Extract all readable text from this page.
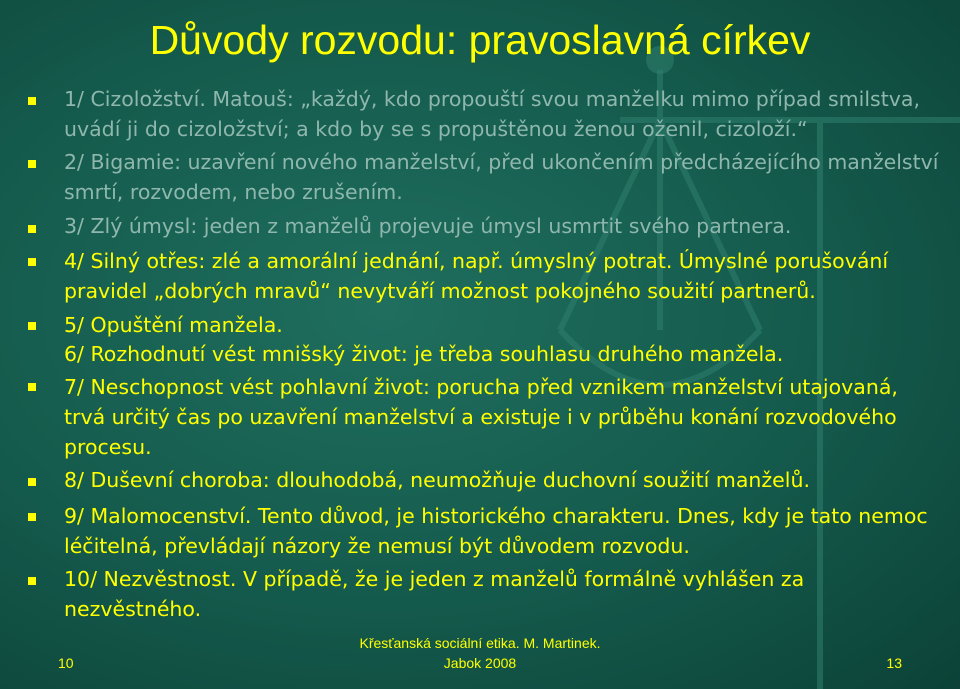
Důvody rozvodu: pravoslavná církev
1/ Cizoložství. Matouš: „každý, kdo propouští svou manželku mimo případ smilstva, uvádí ji do cizoložství; a kdo by se s propuštěnou ženou oženil, cizoloží.“
2/ Bigamie: uzavření nového manželství, před ukončením předcházejícího manželství smrtí, rozvodem, nebo zrušením.
3/ Zlý úmysl: jeden z manželů projevuje úmysl usmrtit svého partnera.
4/ Silný otřes: zlé a amorální jednání, např. úmyslný potrat. Úmyslné porušování pravidel „dobrých mravů“ nevytváří možnost pokojného soužití partnerů.
5/ Opuštění manžela.
6/ Rozhodnutí vést mnišský život: je třeba souhlasu druhého manžela.
7/ Neschopnost vést pohlavní život: porucha před vznikem manželství utajovaná, trvá určitý čas po uzavření manželství a existuje i v průběhu konání rozvodového procesu.
8/ Duševní choroba: dlouhodobá, neumožňuje duchovní soužití manželů.
9/ Malomocenství. Tento důvod, je historického charakteru. Dnes, kdy je tato nemoc léčitelná, převládají názory že nemusí být důvodem rozvodu.
10/ Nezvěstnost. V případě, že je jeden z manželů formálně vyhlášen za nezvěstného.
Křesťanská sociální etika. M. Martinek.
Jabok 2008
10	13
